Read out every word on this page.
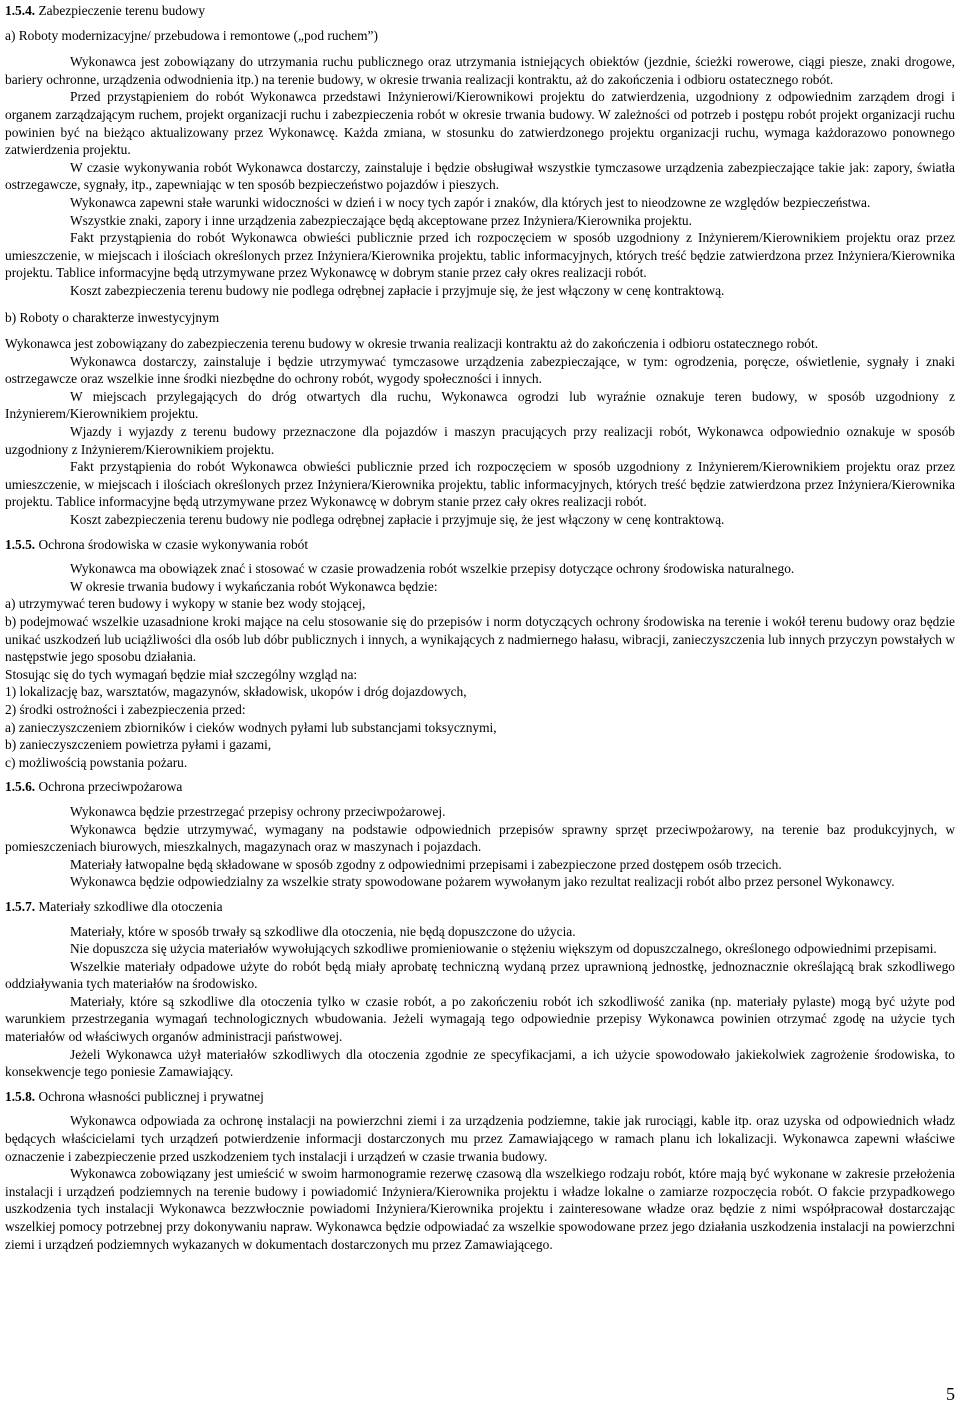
1.5.4. Zabezpieczenie terenu budowy

a) Roboty modernizacyjne/ przebudowa i remontowe („pod ruchem”)

Wykonawca jest zobowiązany do utrzymania ruchu publicznego oraz utrzymania istniejących obiektów (jezdnie, ścieżki rowerowe, ciągi piesze, znaki drogowe, bariery ochronne, urządzenia odwodnienia itp.) na terenie budowy, w okresie trwania realizacji kontraktu, aż do zakończenia i odbioru ostatecznego robót.

Przed przystąpieniem do robót Wykonawca przedstawi Inżynierowi/Kierownikowi projektu do zatwierdzenia, uzgodniony z odpowiednim zarządem drogi i organem zarządzającym ruchem, projekt organizacji ruchu i zabezpieczenia robót w okresie trwania budowy. W zależności od potrzeb i postępu robót projekt organizacji ruchu powinien być na bieżąco aktualizowany przez Wykonawcę. Każda zmiana, w stosunku do zatwierdzonego projektu organizacji ruchu, wymaga każdorazowo ponownego zatwierdzenia projektu.

W czasie wykonywania robót Wykonawca dostarczy, zainstaluje i będzie obsługiwał wszystkie tymczasowe urządzenia zabezpieczające takie jak: zapory, światła ostrzegawcze, sygnały, itp., zapewniając w ten sposób bezpieczeństwo pojazdów i pieszych.

Wykonawca zapewni stałe warunki widoczności w dzień i w nocy tych zapór i znaków, dla których jest to nieodzowne ze względów bezpieczeństwa.

Wszystkie znaki, zapory i inne urządzenia zabezpieczające będą akceptowane przez Inżyniera/Kierownika projektu.

Fakt przystąpienia do robót Wykonawca obwieści publicznie przed ich rozpoczęciem w sposób uzgodniony z Inżynierem/Kierownikiem projektu oraz przez umieszczenie, w miejscach i ilościach określonych przez Inżyniera/Kierownika projektu, tablic informacyjnych, których treść będzie zatwierdzona przez Inżyniera/Kierownika projektu. Tablice informacyjne będą utrzymywane przez Wykonawcę w dobrym stanie przez cały okres realizacji robót.

Koszt zabezpieczenia terenu budowy nie podlega odrębnej zapłacie i przyjmuje się, że jest włączony w cenę kontraktową.

b) Roboty o charakterze inwestycyjnym

Wykonawca jest zobowiązany do zabezpieczenia terenu budowy w okresie trwania realizacji kontraktu aż do zakończenia i odbioru ostatecznego robót.

Wykonawca dostarczy, zainstaluje i będzie utrzymywać tymczasowe urządzenia zabezpieczające, w tym: ogrodzenia, poręcze, oświetlenie, sygnały i znaki ostrzegawcze oraz wszelkie inne środki niezbędne do ochrony robót, wygody społeczności i innych.

W miejscach przylegających do dróg otwartych dla ruchu, Wykonawca ogrodzi lub wyraźnie oznakuje teren budowy, w sposób uzgodniony z Inżynierem/Kierownikiem projektu.

Wjazdy i wyjazdy z terenu budowy przeznaczone dla pojazdów i maszyn pracujących przy realizacji robót, Wykonawca odpowiednio oznakuje w sposób uzgodniony z Inżynierem/Kierownikiem projektu.

Fakt przystąpienia do robót Wykonawca obwieści publicznie przed ich rozpoczęciem w sposób uzgodniony z Inżynierem/Kierownikiem projektu oraz przez umieszczenie, w miejscach i ilościach określonych przez Inżyniera/Kierownika projektu, tablic informacyjnych, których treść będzie zatwierdzona przez Inżyniera/Kierownika projektu. Tablice informacyjne będą utrzymywane przez Wykonawcę w dobrym stanie przez cały okres realizacji robót.

Koszt zabezpieczenia terenu budowy nie podlega odrębnej zapłacie i przyjmuje się, że jest włączony w cenę kontraktową.

1.5.5. Ochrona środowiska w czasie wykonywania robót

Wykonawca ma obowiązek znać i stosować w czasie prowadzenia robót wszelkie przepisy dotyczące ochrony środowiska naturalnego.

W okresie trwania budowy i wykańczania robót Wykonawca będzie:

a) utrzymywać teren budowy i wykopy w stanie bez wody stojącej,

b) podejmować wszelkie uzasadnione kroki mające na celu stosowanie się do przepisów i norm dotyczących ochrony środowiska na terenie i wokół terenu budowy oraz będzie unikać uszkodzeń lub uciążliwości dla osób lub dóbr publicznych i innych, a wynikających z nadmiernego hałasu, wibracji, zanieczyszczenia lub innych przyczyn powstałych w następstwie jego sposobu działania.

Stosując się do tych wymagań będzie miał szczególny wzgląd na:

1) lokalizację baz, warsztatów, magazynów, składowisk, ukopów i dróg dojazdowych,

2) środki ostrożności i zabezpieczenia przed:

a) zanieczyszczeniem zbiorników i cieków wodnych pyłami lub substancjami toksycznymi,

b) zanieczyszczeniem powietrza pyłami i gazami,

c) możliwością powstania pożaru.

1.5.6. Ochrona przeciwpożarowa

Wykonawca będzie przestrzegać przepisy ochrony przeciwpożarowej.

Wykonawca będzie utrzymywać, wymagany na podstawie odpowiednich przepisów sprawny sprzęt przeciwpożarowy, na terenie baz produkcyjnych, w pomieszczeniach biurowych, mieszkalnych, magazynach oraz w maszynach i pojazdach.

Materiały łatwopalne będą składowane w sposób zgodny z odpowiednimi przepisami i zabezpieczone przed dostępem osób trzecich.

Wykonawca będzie odpowiedzialny za wszelkie straty spowodowane pożarem wywołanym jako rezultat realizacji robót albo przez personel Wykonawcy.

1.5.7. Materiały szkodliwe dla otoczenia

Materiały, które w sposób trwały są szkodliwe dla otoczenia, nie będą dopuszczone do użycia.

Nie dopuszcza się użycia materiałów wywołujących szkodliwe promieniowanie o stężeniu większym od dopuszczalnego, określonego odpowiednimi przepisami.

Wszelkie materiały odpadowe użyte do robót będą miały aprobatę techniczną wydaną przez uprawnioną jednostkę, jednoznacznie określającą brak szkodliwego oddziaływania tych materiałów na środowisko.

Materiały, które są szkodliwe dla otoczenia tylko w czasie robót, a po zakończeniu robót ich szkodliwość zanika (np. materiały pylaste) mogą być użyte pod warunkiem przestrzegania wymagań technologicznych wbudowania. Jeżeli wymagają tego odpowiednie przepisy Wykonawca powinien otrzymać zgodę na użycie tych materiałów od właściwych organów administracji państwowej.

Jeżeli Wykonawca użył materiałów szkodliwych dla otoczenia zgodnie ze specyfikacjami, a ich użycie spowodowało jakiekolwiek zagrożenie środowiska, to konsekwencje tego poniesie Zamawiający.

1.5.8. Ochrona własności publicznej i prywatnej

Wykonawca odpowiada za ochronę instalacji na powierzchni ziemi i za urządzenia podziemne, takie jak rurociągi, kable itp. oraz uzyska od odpowiednich władz będących właścicielami tych urządzeń potwierdzenie informacji dostarczonych mu przez Zamawiającego w ramach planu ich lokalizacji. Wykonawca zapewni właściwe oznaczenie i zabezpieczenie przed uszkodzeniem tych instalacji i urządzeń w czasie trwania budowy.

Wykonawca zobowiązany jest umieścić w swoim harmonogramie rezerwę czasową dla wszelkiego rodzaju robót, które mają być wykonane w zakresie przełożenia instalacji i urządzeń podziemnych na terenie budowy i powiadomić Inżyniera/Kierownika projektu i władze lokalne o zamiarze rozpoczęcia robót. O fakcie przypadkowego uszkodzenia tych instalacji Wykonawca bezzwłocznie powiadomi Inżyniera/Kierownika projektu i zainteresowane władze oraz będzie z nimi współpracował dostarczając wszelkiej pomocy potrzebnej przy dokonywaniu napraw. Wykonawca będzie odpowiadać za wszelkie spowodowane przez jego działania uszkodzenia instalacji na powierzchni ziemi i urządzeń podziemnych wykazanych w dokumentach dostarczonych mu przez Zamawiającego.

5
